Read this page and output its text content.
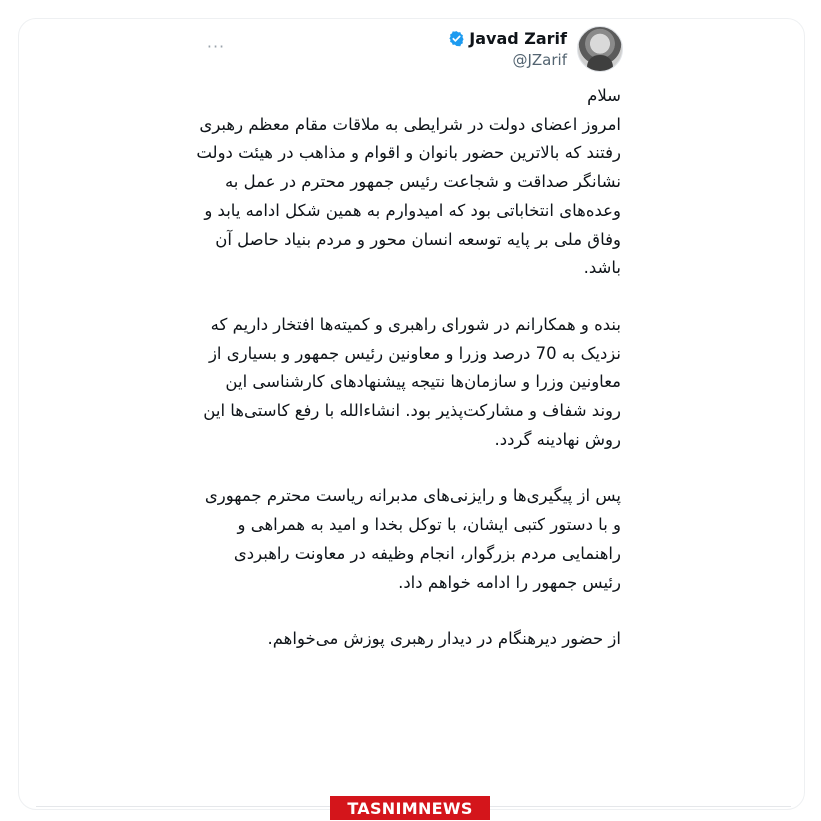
···	Javad Zarif
@JZarif

سلام
امروز اعضای دولت در شرایطی به ملاقات مقام معظم رهبری رفتند که بالاترین حضور بانوان و اقوام و مذاهب در هیئت دولت نشانگر صداقت و شجاعت رئیس جمهور محترم در عمل به وعده‌های انتخاباتی بود که امیدوارم به همین شکل ادامه یابد و وفاق ملی بر پایه توسعه انسان محور و مردم بنیاد حاصل آن باشد.

بنده و همکارانم در شورای راهبری و کمیته‌ها افتخار داریم که نزدیک به 70 درصد وزرا و معاونین رئیس جمهور و بسیاری از معاونین وزرا و سازمان‌ها نتیجه پیشنهادهای کارشناسی این روند شفاف و مشارکت‌پذیر بود. انشاءالله با رفع کاستی‌ها این روش نهادینه گردد.

پس از پیگیری‌ها و رایزنی‌های مدبرانه ریاست محترم جمهوری و با دستور کتبی ایشان، با توکل بخدا و امید به همراهی و راهنمایی مردم بزرگوار، انجام وظیفه در معاونت راهبردی رئیس جمهور را ادامه خواهم داد.

از حضور دیرهنگام در دیدار رهبری پوزش می‌خواهم.

TASNIMNEWS
